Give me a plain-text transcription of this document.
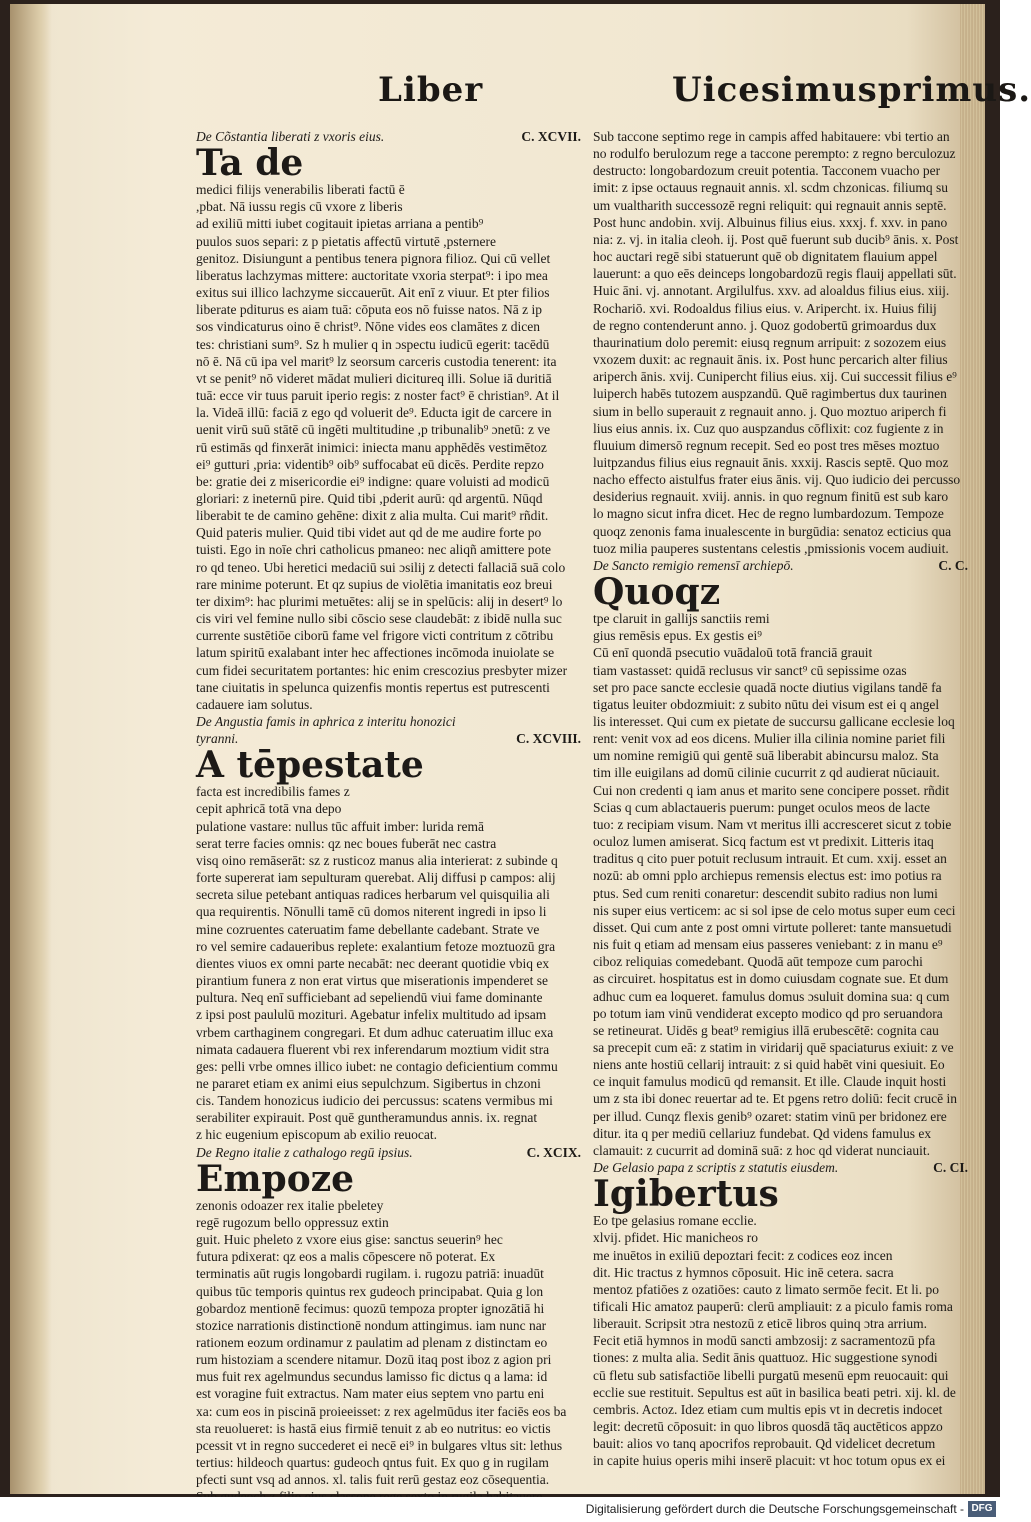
Liber	Uicesimusprimus.
C. XCVII.
De Cõstantia liberati z vxoris eius.
Ta de
medici filijs venerabilis liberati factū ē
,pbat. Nā iussu regis cū vxore z liberis
ad exiliū mitti iubet cogitauit ipietas arriana a pentib⁹
puulos suos separi: z p pietatis affectū virtutē ,psternere
genitoz. Disiungunt a pentibus tenera pignora filioz. Qui cū vellet
liberatus lachzymas mittere: auctoritate vxoria sterpat⁹: i ipo mea
exitus sui illico lachzyme siccauerūt. Ait enī z viuur. Et pter filios
liberate pditurus es aiam tuā: cōputa eos nō fuisse natos. Nā z ip
sos vindicaturus oino ē christ⁹. Nōne vides eos clamātes z dicen
tes: christiani sum⁹. Sz h mulier q in ɔspectu iudicū egerit: tacēdū
nō ē. Nā cū ipa vel marit⁹ lz seorsum carceris custodia tenerent: ita
vt se penit⁹ nō videret mādat mulieri dicitureq illi. Solue iā duritiā
tuā: ecce vir tuus paruit iperio regis: z noster fact⁹ ē christian⁹. At il
la. Videā illū: faciā z ego qd voluerit de⁹. Educta igit de carcere in
uenit virū suū stātē cū ingēti multitudine ,p tribunalib⁹ ɔnetū: z ve
rū estimās qd finxerāt inimici: iniecta manu apphēdēs vestimētoz
ei⁹ gutturi ,pria: videntib⁹ oib⁹ suffocabat eū dicēs. Perdite repzo
be: gratie dei z misericordie ei⁹ indigne: quare voluisti ad modicū
gloriari: z ineternū pire. Quid tibi ,pderit aurū: qd argentū. Nūqd
liberabit te de camino gehēne: dixit z alia multa. Cui marit⁹ rñdit.
Quid pateris mulier. Quid tibi videt aut qd de me audire forte po
tuisti. Ego in noīe chri catholicus pmaneo: nec aliqñ amittere pote
ro qd teneo. Ubi heretici medaciū sui ɔsilij z detecti fallaciā suā colo
rare minime poterunt. Et qz supius de violētia imanitatis eoz breui
ter dixim⁹: hac plurimi metuētes: alij se in spelūcis: alij in desert⁹ lo
cis viri vel femine nullo sibi cōscio sese claudebāt: z ibidē nulla suc
currente sustētiōe ciborū fame vel frigore victi contritum z cōtribu
latum spiritū exalabant inter hec affectiones incōmoda inuiolate se
cum fidei securitatem portantes: hic enim crescozius presbyter mizer
tane ciuitatis in spelunca quizenfis montis repertus est putrescenti
cadauere iam solutus.
De Angustia famis in aphrica z interitu honozici
C. XCVIII.
tyranni.
A tēpestate
facta est incredibilis fames z
cepit aphricā totā vna depo
pulatione vastare: nullus tūc affuit imber: lurida remā
serat terre facies omnis: qz nec boues fuberāt nec castra
visq oino remāserāt: sz z rusticoz manus alia interierat: z subinde q
forte supererat iam sepulturam querebat. Alij diffusi p campos: alij
secreta silue petebant antiquas radices herbarum vel quisquilia ali
qua requirentis. Nōnulli tamē cū domos niterent ingredi in ipso li
mine cozruentes cateruatim fame debellante cadebant. Strate ve
ro vel semire cadaueribus replete: exalantium fetoze moztuozū gra
dientes viuos ex omni parte necabāt: nec deerant quotidie vbiq ex
pirantium funera z non erat virtus que miserationis impenderet se
pultura. Neq enī sufficiebant ad sepeliendū viui fame dominante
z ipsi post paululū mozituri. Agebatur infelix multitudo ad ipsam
vrbem carthaginem congregari. Et dum adhuc cateruatim illuc exa
nimata cadauera fluerent vbi rex inferendarum moztium vidit stra
ges: pelli vrbe omnes illico iubet: ne contagio deficientium commu
ne pararet etiam ex animi eius sepulchzum. Sigibertus in chzoni
cis. Tandem honozicus iudicio dei percussus: scatens vermibus mi
serabiliter expirauit. Post quē guntheramundus annis. ix. regnat
z hic eugenium episcopum ab exilio reuocat.
C. XCIX.
De Regno italie z cathalogo regū ipsius.
Empoze
zenonis odoazer rex italie pbeletey
regē rugozum bello oppressuz extin
guit. Huic pheleto z vxore eius gise: sanctus seuerin⁹ hec
futura pdixerat: qz eos a malis cōpescere nō poterat. Ex
terminatis aūt rugis longobardi rugilam. i. rugozu patriā: inuadūt
quibus tūc temporis quintus rex gudeoch principabat. Quia g lon
gobardoz mentionē fecimus: quozū tempoza propter ignozātiā hi
stozice narrationis distinctionē nondum attingimus. iam nunc nar
rationem eozum ordinamur z paulatim ad plenam z distinctam eo
rum histoziam a scendere nitamur. Dozū itaq post iboz z agion pri
mus fuit rex agelmundus secundus lamisso fic dictus q a lama: id
est voragine fuit extractus. Nam mater eius septem vno partu eni
xa: cum eos in piscinā proieeisset: z rex agelmūdus iter faciēs eos ba
sta reuolueret: is hastā eius firmiē tenuit z ab eo nutritus: eo victis
pcessit vt in regno succederet ei necē ei⁹ in bulgares vltus sit: lethus
tertius: hildeoch quartus: gudeoch qntus fuit. Ex quo g in rugilam
pfecti sunt vsq ad annos. xl. talis fuit rerū gestaz eoz cōsequentia.
Sub taccone septimo rege in campis affed habitauere: vbi tertio an
no rodulfo berulozum rege a taccone perempto: z regno berculozuz
destructo: longobardozum creuit potentia. Tacconem vuacho per
imit: z ipse octauus regnauit annis. xl. scdm chzonicas. filiumq su
um vualtharith successozē regni reliquit: qui regnauit annis septē.
Post hunc andobin. xvij. Albuinus filius eius. xxxj. f. xxv. in pano
nia: z. vj. in italia cleoh. ij. Post quē fuerunt sub ducib⁹ ānis. x. Post
hoc auctari regē sibi statuerunt quē ob dignitatem flauium appel
lauerunt: a quo eēs deinceps longobardozū regis flauij appellati sūt.
Huic āni. vj. annotant. Argilulfus. xxv. ad aloaldus filius eius. xiij.
Rochariō. xvi. Rodoaldus filius eius. v. Aripercht. ix. Huius filij
de regno contenderunt anno. j. Quoz godobertū grimoardus dux
thaurinatium dolo peremit: eiusq regnum arripuit: z sozozem eius
vxozem duxit: ac regnauit ānis. ix. Post hunc percarich alter filius
ariperch ānis. xvij. Cunipercht filius eius. xij. Cui successit filius e⁹
luiperch habēs tutozem auspzandū. Quē ragimbertus dux taurinen
sium in bello superauit z regnauit anno. j. Quo moztuo ariperch fi
lius eius annis. ix. Cuz quo auspzandus cōflixit: coz fugiente z in
fluuium dimersō regnum recepit. Sed eo post tres mēses moztuo
luitpzandus filius eius regnauit ānis. xxxij. Rascis septē. Quo moz
nacho effecto aistulfus frater eius ānis. vij. Quo iudicio dei percusso
desiderius regnauit. xviij. annis. in quo regnum finitū est sub karo
lo magno sicut infra dicet. Hec de regno lumbardozum. Tempoze
quoqz zenonis fama inualescente in burgūdia: senatoz ecticius qua
tuoz milia pauperes sustentans celestis ,pmissionis vocem audiuit.
C. C.
De Sancto remigio remensī archiepō.
Quoqz
tpe claruit in gallijs sanctiis remi
gius remēsis epus. Ex gestis ei⁹
Cū enī quondā psecutio vuādaloū totā franciā grauit
tiam vastasset: quidā reclusus vir sanct⁹ cū sepissime ozas
set pro pace sancte ecclesie quadā nocte diutius vigilans tandē fa
tigatus leuiter obdozmiuit: z subito nūtu dei visum est ei q angel
lis interesset. Qui cum ex pietate de succursu gallicane ecclesie loq
rent: venit vox ad eos dicens. Mulier illa cilinia nomine pariet fili
um nomine remigiū qui gentē suā liberabit abincursu maloz. Sta
tim ille euigilans ad domū cilinie cucurrit z qd audierat nūciauit.
Cui non credenti q iam anus et marito sene concipere posset. rñdit
Scias q cum ablactaueris puerum: punget oculos meos de lacte
tuo: z recipiam visum. Nam vt meritus illi accresceret sicut z tobie
oculoz lumen amiserat. Sicq factum est vt predixit. Litteris itaq
traditus q cito puer potuit reclusum intrauit. Et cum. xxij. esset an
nozū: ab omni pplo archiepus remensis electus est: imo potius ra
ptus. Sed cum reniti conaretur: descendit subito radius non lumi
nis super eius verticem: ac si sol ipse de celo motus super eum ceci
disset. Qui cum ante z post omni virtute polleret: tante mansuetudi
nis fuit q etiam ad mensam eius passeres veniebant: z in manu e⁹
ciboz reliquias comedebant. Quodā aūt tempoze cum parochi
as circuiret. hospitatus est in domo cuiusdam cognate sue. Et dum
adhuc cum ea loqueret. famulus domus ɔsuluit domina sua: q cum
po totum iam vinū vendiderat excepto modico qd pro seruandora
se retineurat. Uidēs g beat⁹ remigius illā erubescētē: cognita cau
sa precepit cum eā: z statim in viridarij quē spaciaturus exiuit: z ve
niens ante hostiū cellarij intrauit: z si quid habēt vini quesiuit. Eo
ce inquit famulus modicū qd remansit. Et ille. Claude inquit hosti
um z sta ibi donec reuertar ad te. Et pgens retro doliū: fecit crucē in
per illud. Cunqz flexis genib⁹ ozaret: statim vinū per bridonez ere
ditur. ita q per mediū cellariuz fundebat. Qd videns famulus ex
clamauit: z cucurrit ad dominā suā: z hoc qd viderat nunciauit.
C. CI.
De Gelasio papa z scriptis z statutis eiusdem.
Igibertus
Eo tpe gelasius romane ecclie.
xlvij. pfidet. Hic manicheos ro
me inuētos in exiliū depoztari fecit: z codices eoz incen
dit. Hic tractus z hymnos cōposuit. Hic inē cetera. sacra
mentoz pfatiōes z ozatiōes: cauto z limato sermōe fecit. Et li. po
tificali Hic amatoz pauperū: clerū ampliauit: z a piculo famis roma
liberauit. Scripsit ɔtra nestozū z eticē libros quinq ɔtra arrium.
Fecit etiā hymnos in modū sancti ambzosij: z sacramentozū pfa
tiones: z multa alia. Sedit ānis quattuoz. Hic suggestione synodi
cū fletu sub satisfactiōe libelli purgatū mesenū epm reuocauit: qui
ecclie sue restituit. Sepultus est aūt in basilica beati petri. xij. kl. de
cembris. Actoz. Idez etiam cum multis epis vt in decretis indocet
legit: decretū cōposuit: in quo libros quosdā tāq auctēticos appzo
bauit: alios vo tanq apocrifos reprobauit. Qd videlicet decretum
in capite huius operis mihi inserē placuit: vt hoc totum opus ex ei
Digitalisierung gefördert durch die Deutsche Forschungsgemeinschaft - DFG
